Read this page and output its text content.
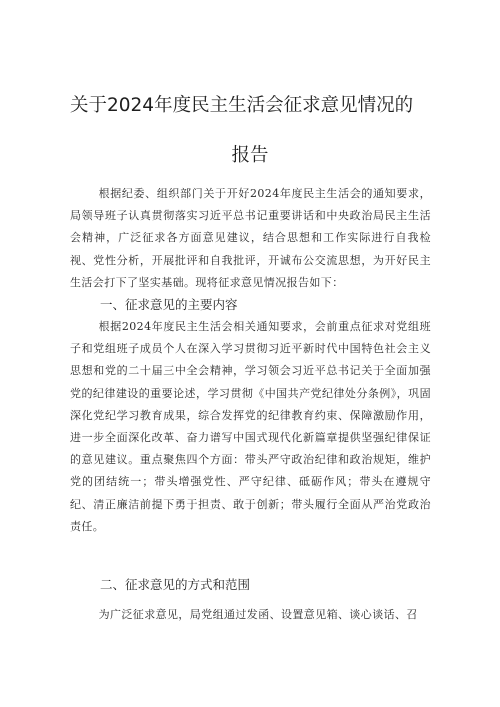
关于2024年度民主生活会征求意见情况的
报告

根据纪委、组织部门关于开好2024年度民主生活会的通知要求，局领导班子认真贯彻落实习近平总书记重要讲话和中央政治局民主生活会精神，广泛征求各方面意见建议，结合思想和工作实际进行自我检视、党性分析，开展批评和自我批评，开诚布公交流思想，为开好民主生活会打下了坚实基础。现将征求意见情况报告如下：

一、征求意见的主要内容

根据2024年度民主生活会相关通知要求，会前重点征求对党组班子和党组班子成员个人在深入学习贯彻习近平新时代中国特色社会主义思想和党的二十届三中全会精神，学习领会习近平总书记关于全面加强党的纪律建设的重要论述，学习贯彻《中国共产党纪律处分条例》，巩固深化党纪学习教育成果，综合发挥党的纪律教育约束、保障激励作用，进一步全面深化改革、奋力谱写中国式现代化新篇章提供坚强纪律保证的意见建议。重点聚焦四个方面：带头严守政治纪律和政治规矩，维护党的团结统一；带头增强党性、严守纪律、砥砺作风；带头在遵规守纪、清正廉洁前提下勇于担责、敢于创新；带头履行全面从严治党政治责任。

二、征求意见的方式和范围

为广泛征求意见，局党组通过发函、设置意见箱、谈心谈话、召
